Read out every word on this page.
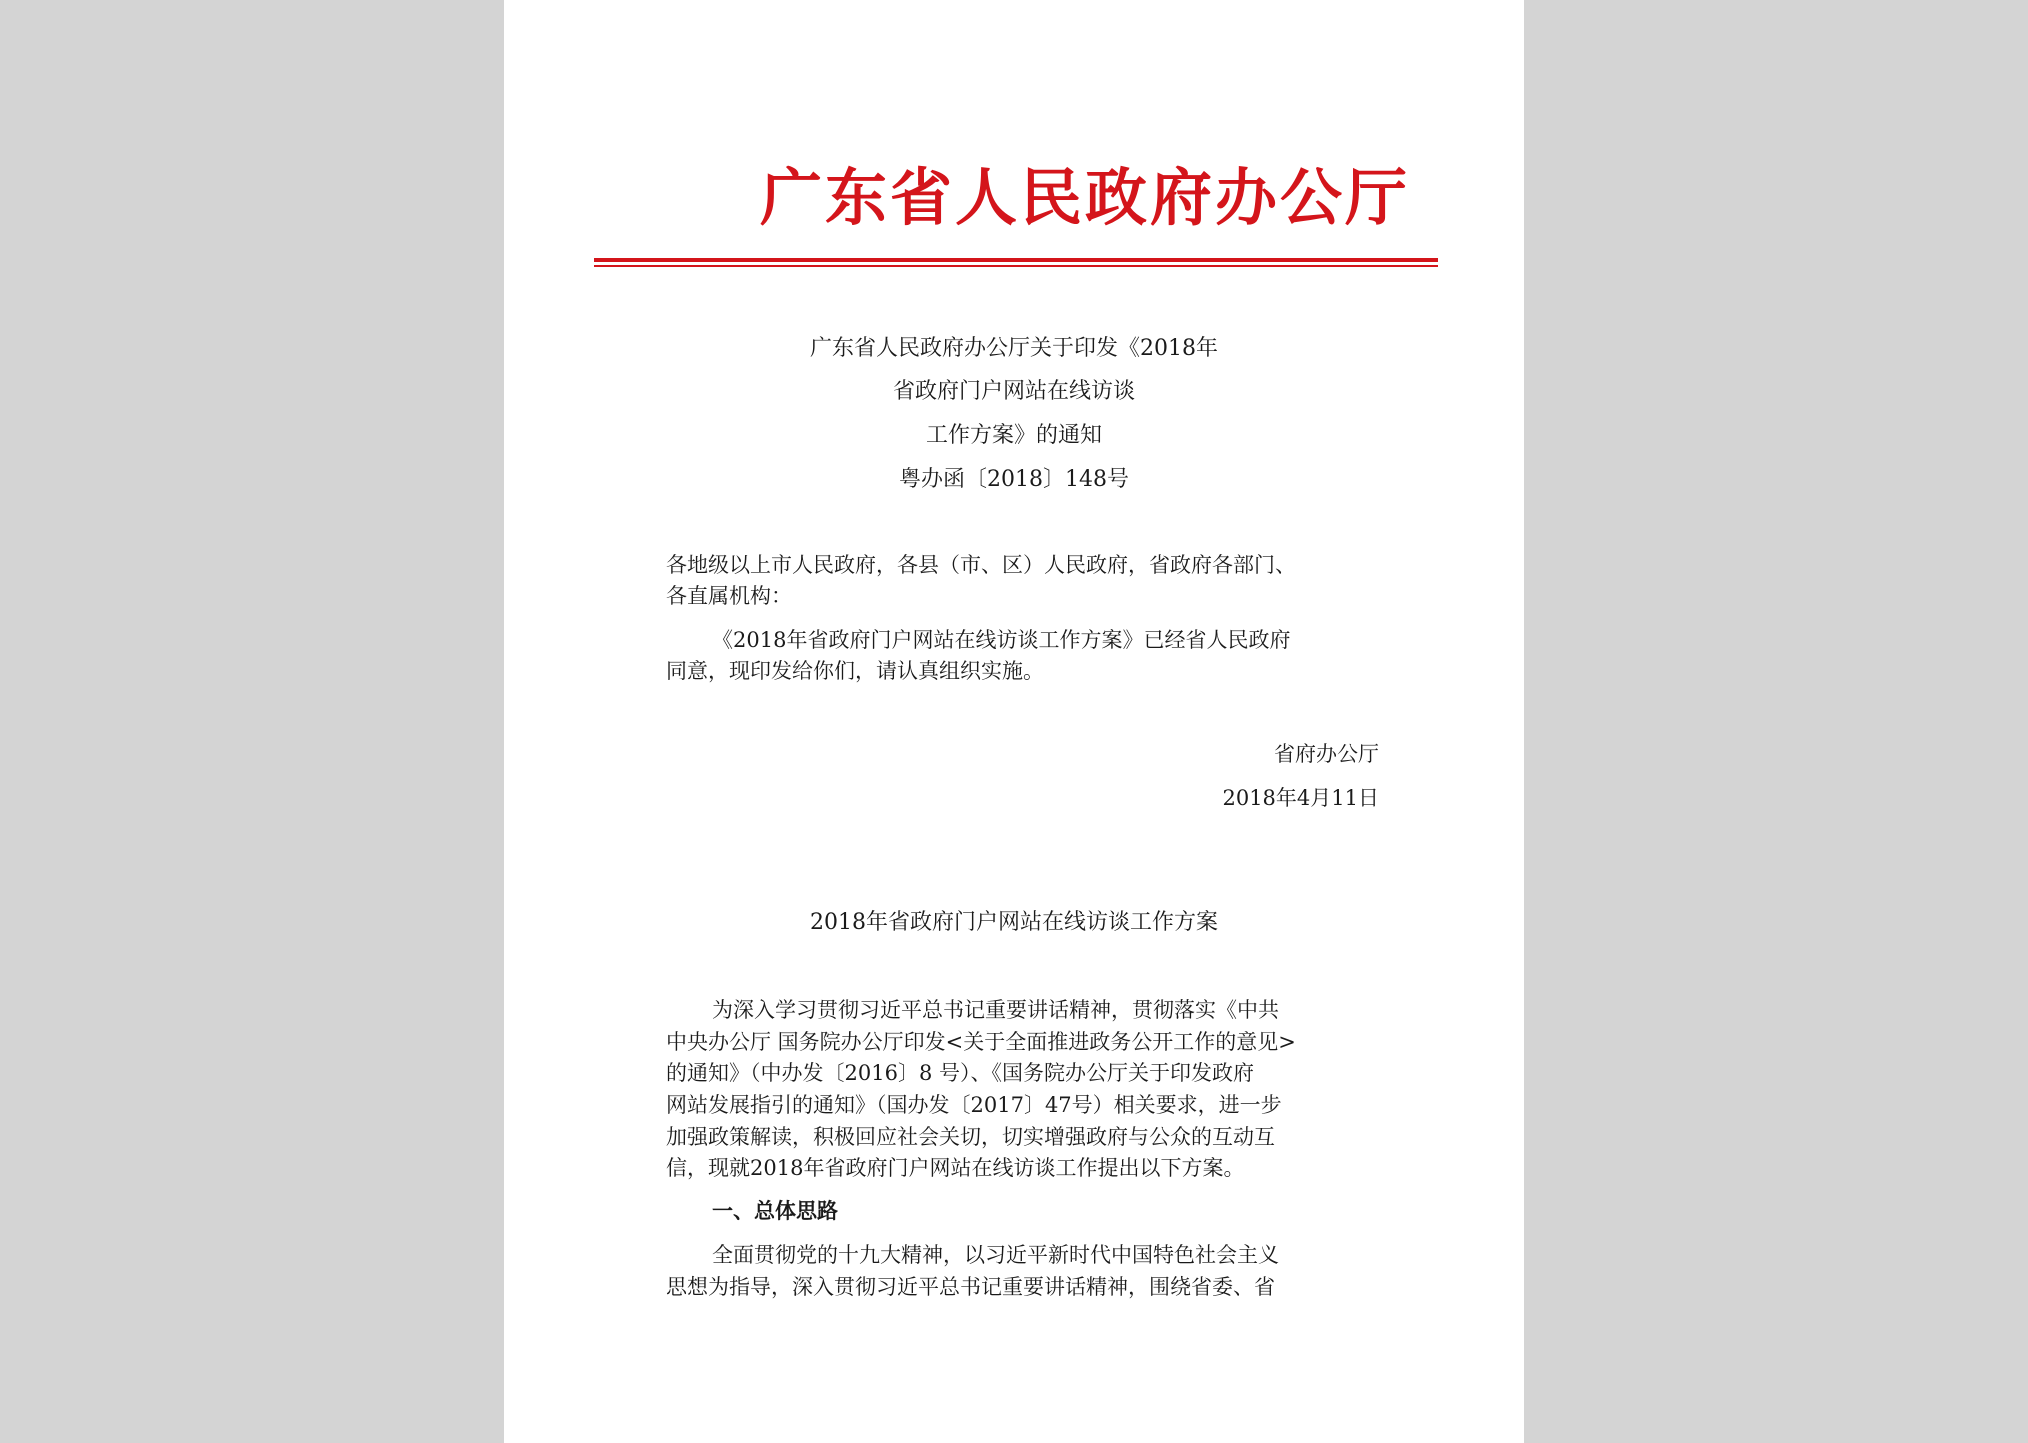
广东省人民政府办公厅
广东省人民政府办公厅关于印发《2018年
省政府门户网站在线访谈
工作方案》的通知
粤办函〔2018〕148号
各地级以上市人民政府，各县（市、区）人民政府，省政府各部门、
各直属机构：
《2018年省政府门户网站在线访谈工作方案》已经省人民政府
同意，现印发给你们，请认真组织实施。
省府办公厅
2018年4月11日
2018年省政府门户网站在线访谈工作方案
为深入学习贯彻习近平总书记重要讲话精神，贯彻落实《中共
中央办公厅 国务院办公厅印发<关于全面推进政务公开工作的意见>
的通知》（中办发〔2016〕8 号）、《国务院办公厅关于印发政府
网站发展指引的通知》（国办发〔2017〕47号）相关要求，进一步
加强政策解读，积极回应社会关切，切实增强政府与公众的互动互
信，现就2018年省政府门户网站在线访谈工作提出以下方案。
一、总体思路
全面贯彻党的十九大精神，以习近平新时代中国特色社会主义
思想为指导，深入贯彻习近平总书记重要讲话精神，围绕省委、省
